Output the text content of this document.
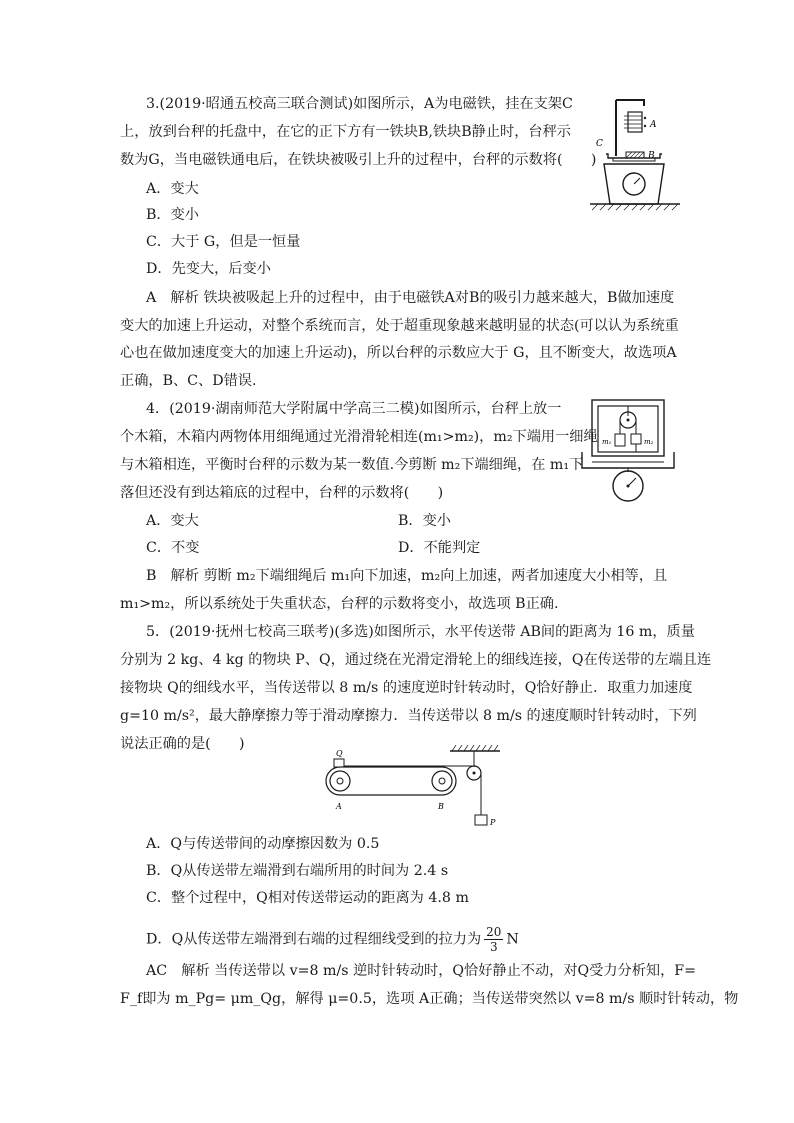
3.(2019·昭通五校高三联合测试)如图所示，A为电磁铁，挂在支架C
上，放到台秤的托盘中，在它的正下方有一铁块B,铁块B静止时，台秤示
数为G，当电磁铁通电后，在铁块被吸引上升的过程中，台秤的示数将(　　)
A．变大
B．变小
C．大于 G，但是一恒量
D．先变大，后变小
A　解析 铁块被吸起上升的过程中，由于电磁铁A对B的吸引力越来越大，B做加速度
变大的加速上升运动，对整个系统而言，处于超重现象越来越明显的状态(可以认为系统重
心也在做加速度变大的加速上升运动)，所以台秤的示数应大于 G，且不断变大，故选项A
正确，B、C、D错误.
A
C
B
4．(2019·湖南师范大学附属中学高三二模)如图所示，台秤上放一
个木箱，木箱内两物体用细绳通过光滑滑轮相连(m₁>m₂)，m₂下端用一细绳
与木箱相连，平衡时台秤的示数为某一数值.今剪断 m₂下端细绳，在 m₁下
落但还没有到达箱底的过程中，台秤的示数将(　　)
A．变大	B．变小
C．不变	D．不能判定
B　解析 剪断 m₂下端细绳后 m₁向下加速，m₂向上加速，两者加速度大小相等，且
m₁>m₂，所以系统处于失重状态，台秤的示数将变小，故选项 B正确.
m₁	m₂
5．(2019·抚州七校高三联考)(多选)如图所示，水平传送带 AB间的距离为 16 m，质量
分别为 2 kg、4 kg 的物块 P、Q，通过绕在光滑定滑轮上的细线连接，Q在传送带的左端且连
接物块 Q的细线水平，当传送带以 8 m/s 的速度逆时针转动时，Q恰好静止．取重力加速度
g=10 m/s²，最大静摩擦力等于滑动摩擦力．当传送带以 8 m/s 的速度顺时针转动时，下列
说法正确的是(　　)
P
Q
A	B
A．Q与传送带间的动摩擦因数为 0.5
B．Q从传送带左端滑到右端所用的时间为 2.4 s
C．整个过程中，Q相对传送带运动的距离为 4.8 m
D．Q从传送带左端滑到右端的过程细线受到的拉力为 $\frac{20}{3}$ N
AC　解析 当传送带以 v=8 m/s 逆时针转动时，Q恰好静止不动，对Q受力分析知，F=
F_f即为 m_Pg= μm_Qg，解得 μ=0.5，选项 A正确；当传送带突然以 v=8 m/s 顺时针转动，物
